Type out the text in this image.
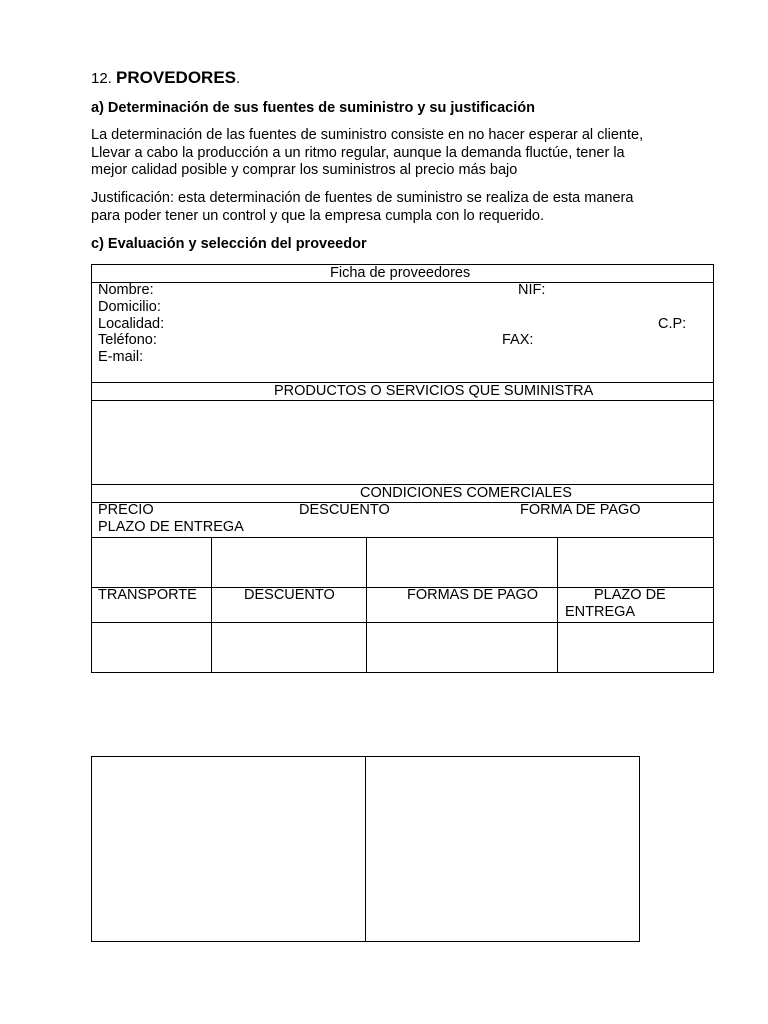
12. PROVEDORES.
a) Determinación de sus fuentes de suministro y su justificación
La determinación de las fuentes de suministro consiste en no hacer esperar al cliente,
Llevar a cabo la producción a un ritmo regular, aunque la demanda fluctúe, tener la
mejor calidad posible y comprar los suministros al precio más bajo
Justificación: esta determinación de fuentes de suministro se realiza de esta manera
para poder tener un control y que la empresa cumpla con lo requerido.
c) Evaluación y selección del proveedor
Ficha de proveedores
Nombre:	NIF:
Domicilio:
Localidad:	C.P:
Teléfono:	FAX:
E-mail:
PRODUCTOS O SERVICIOS QUE SUMINISTRA
CONDICIONES COMERCIALES
PRECIO	DESCUENTO	FORMA DE PAGO
PLAZO DE ENTREGA
TRANSPORTE	DESCUENTO	FORMAS DE PAGO	PLAZO DE
ENTREGA
